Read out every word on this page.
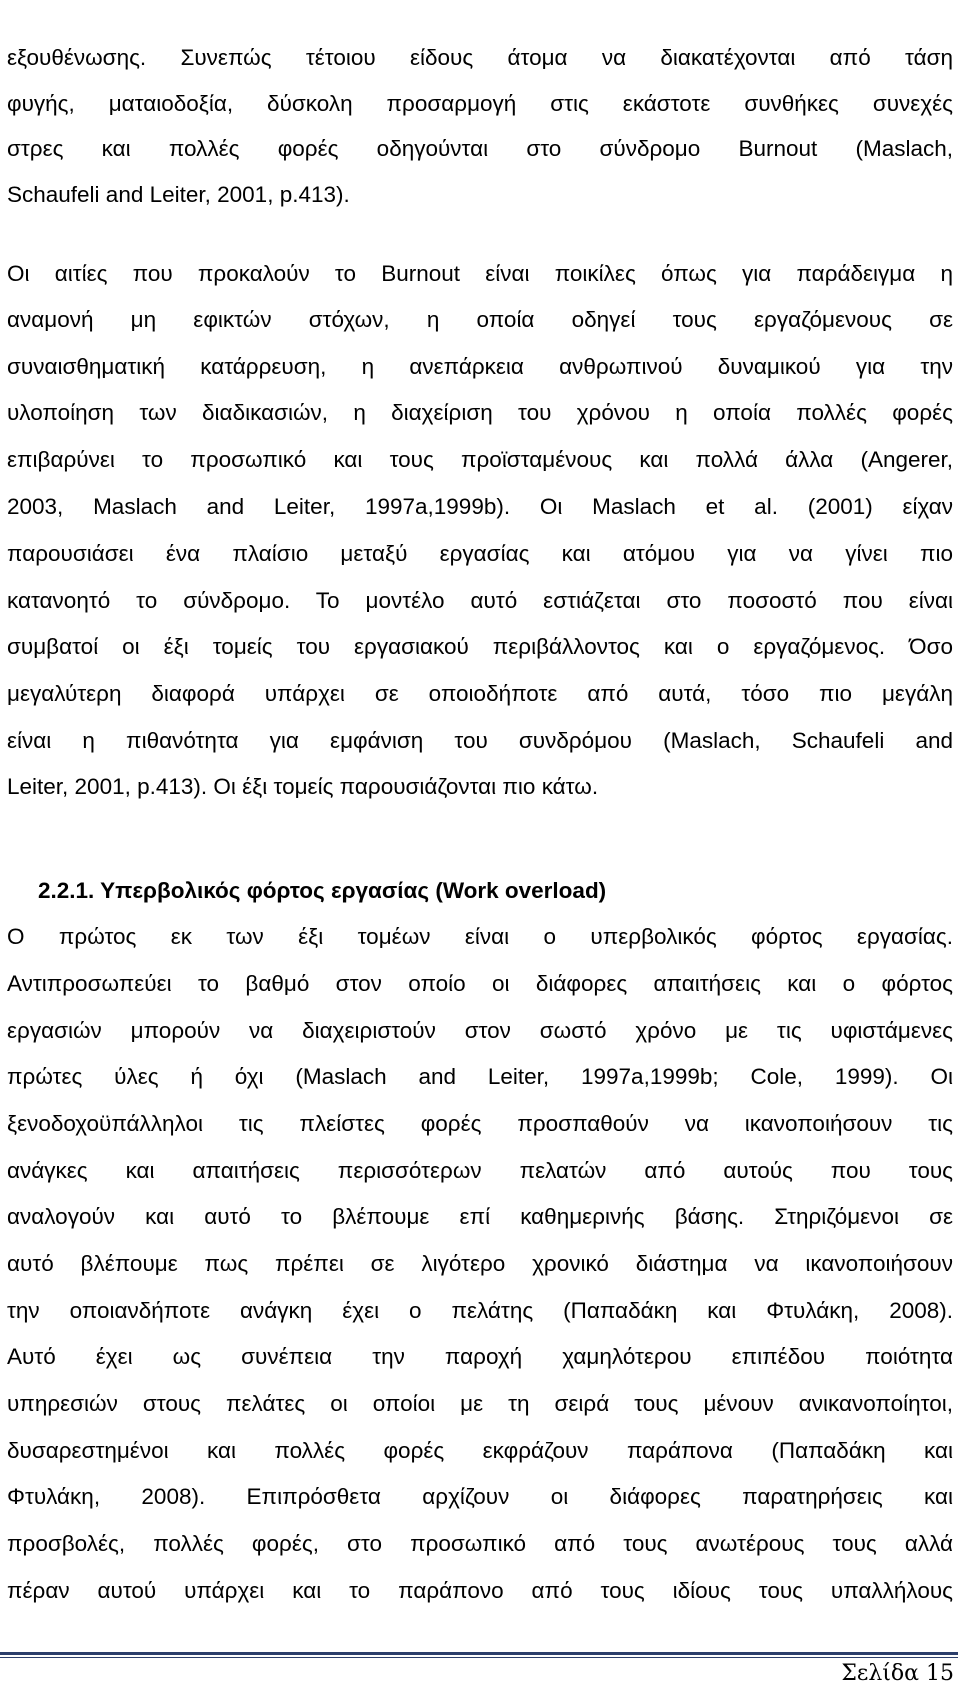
εξουθένωσης. Συνεπώς τέτοιου είδους άτομα να διακατέχονται από τάση
φυγής, ματαιοδοξία, δύσκολη προσαρμογή στις εκάστοτε συνθήκες συνεχές
στρες και πολλές φορές οδηγούνται στο σύνδρομο Burnout (Maslach,
Schaufeli and Leiter, 2001, p.413).
Οι αιτίες που προκαλούν το Burnout είναι ποικίλες όπως για παράδειγμα η
αναμονή μη εφικτών στόχων, η οποία οδηγεί τους εργαζόμενους σε
συναισθηματική κατάρρευση, η ανεπάρκεια ανθρωπινού δυναμικού για την
υλοποίηση των διαδικασιών, η διαχείριση του χρόνου η οποία πολλές φορές
επιβαρύνει το προσωπικό και τους προϊσταμένους και πολλά άλλα (Angerer,
2003, Maslach and Leiter, 1997a,1999b). Οι Maslach et al. (2001) είχαν
παρουσιάσει ένα πλαίσιο μεταξύ εργασίας και ατόμου για να γίνει πιο
κατανοητό το σύνδρομο. Το μοντέλο αυτό εστιάζεται στο ποσοστό που είναι
συμβατοί οι έξι τομείς του εργασιακού περιβάλλοντος και ο εργαζόμενος. Όσο
μεγαλύτερη διαφορά υπάρχει σε οποιοδήποτε από αυτά, τόσο πιο μεγάλη
είναι η πιθανότητα για εμφάνιση του συνδρόμου (Maslach, Schaufeli and
Leiter, 2001, p.413). Οι έξι τομείς παρουσιάζονται πιο κάτω.
2.2.1. Υπερβολικός φόρτος εργασίας (Work overload)
Ο πρώτος εκ των έξι τομέων είναι ο υπερβολικός φόρτος εργασίας.
Αντιπροσωπεύει το βαθμό στον οποίο οι διάφορες απαιτήσεις και ο φόρτος
εργασιών μπορούν να διαχειριστούν στον σωστό χρόνο με τις υφιστάμενες
πρώτες ύλες ή όχι (Maslach and Leiter, 1997a,1999b; Cole, 1999). Οι
ξενοδοχοϋπάλληλοι τις πλείστες φορές προσπαθούν να ικανοποιήσουν τις
ανάγκες και απαιτήσεις περισσότερων πελατών από αυτούς που τους
αναλογούν και αυτό το βλέπουμε επί καθημερινής βάσης. Στηριζόμενοι σε
αυτό βλέπουμε πως πρέπει σε λιγότερο χρονικό διάστημα να ικανοποιήσουν
την οποιανδήποτε ανάγκη έχει ο πελάτης (Παπαδάκη και Φτυλάκη, 2008).
Αυτό έχει ως συνέπεια την παροχή χαμηλότερου επιπέδου ποιότητα
υπηρεσιών στους πελάτες οι οποίοι με τη σειρά τους μένουν ανικανοποίητοι,
δυσαρεστημένοι και πολλές φορές εκφράζουν παράπονα (Παπαδάκη και
Φτυλάκη, 2008). Επιπρόσθετα αρχίζουν οι διάφορες παρατηρήσεις και
προσβολές, πολλές φορές, στο προσωπικό από τους ανωτέρους τους αλλά
πέραν αυτού υπάρχει και το παράπονο από τους ιδίους τους υπαλλήλους
Σελίδα 15
